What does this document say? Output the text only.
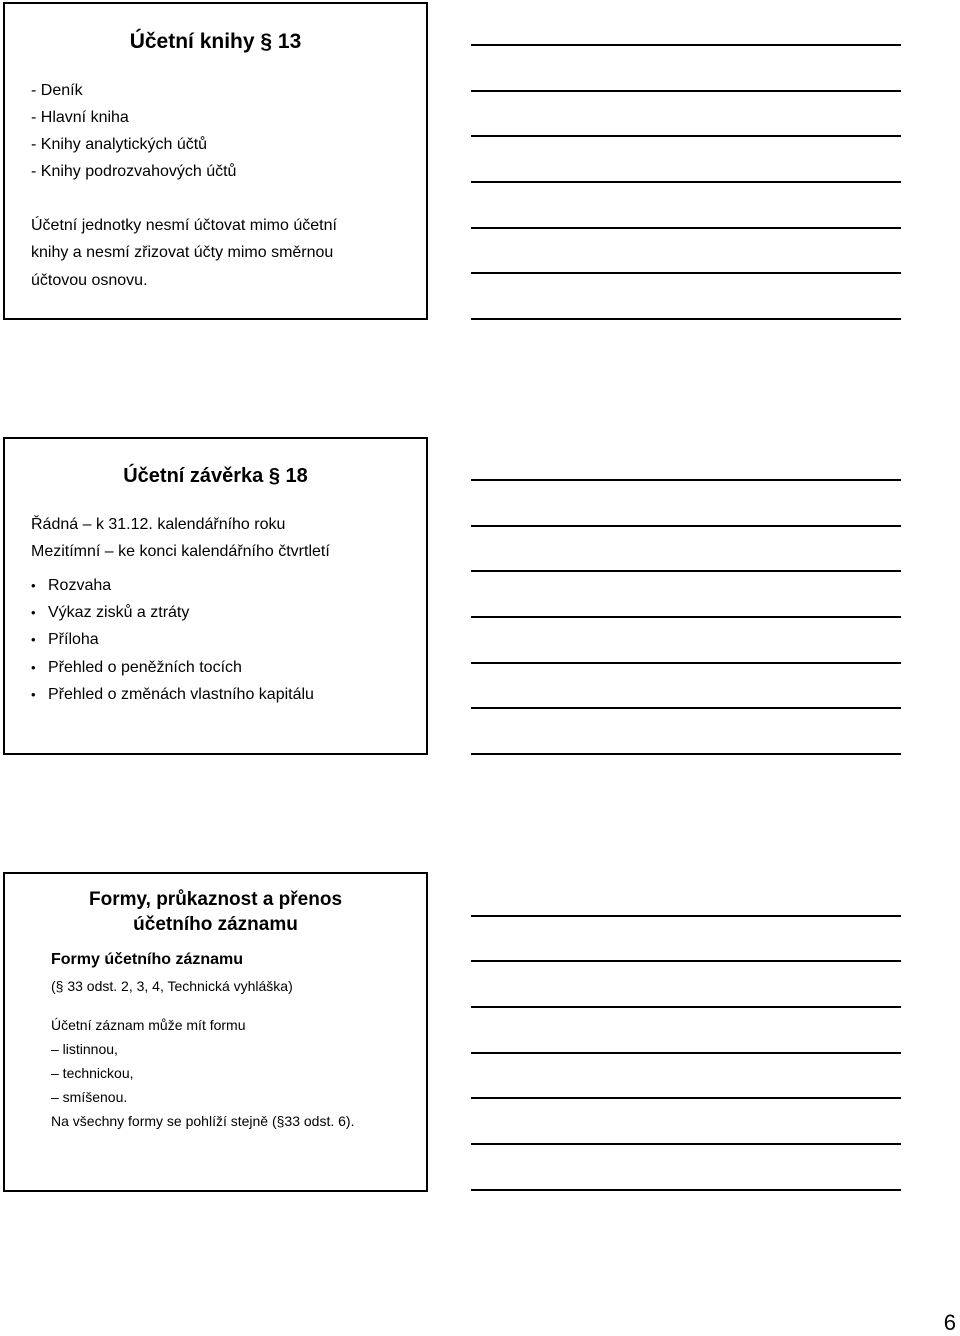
Účetní knihy § 13
- Deník
- Hlavní kniha
- Knihy analytických účtů
- Knihy podrozvahových účtů
Účetní jednotky nesmí účtovat mimo účetní
knihy a nesmí zřizovat účty mimo směrnou
účtovou osnovu.
Účetní závěrka § 18
Řádná – k 31.12. kalendářního roku
Mezitímní – ke konci kalendářního čtvrtletí
• Rozvaha
• Výkaz zisků a ztráty
• Příloha
• Přehled o peněžních tocích
• Přehled o změnách vlastního kapitálu
Formy, průkaznost a přenos
účetního záznamu
Formy účetního záznamu
(§ 33 odst. 2, 3, 4, Technická vyhláška)
Účetní záznam může mít formu
– listinnou,
– technickou,
– smíšenou.
Na všechny formy se pohlíží stejně (§33 odst. 6).
6
